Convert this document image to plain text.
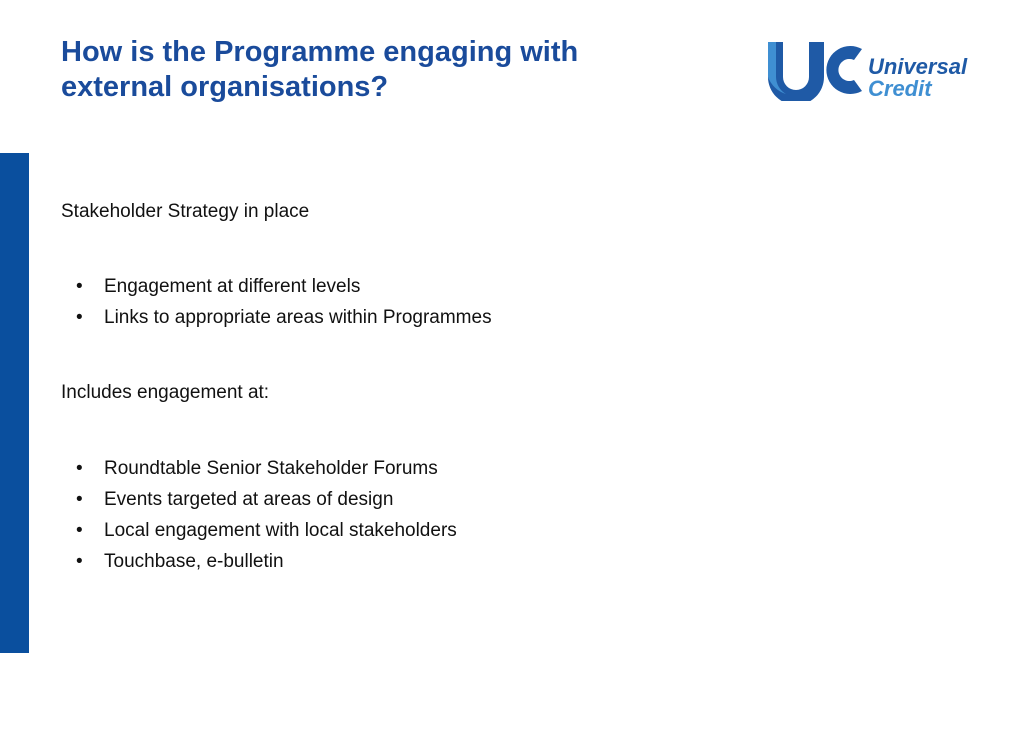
How is the Programme engaging with
external organisations?
Universal
Credit

Stakeholder Strategy in place

• Engagement at different levels
• Links to appropriate areas within Programmes

Includes engagement at:

• Roundtable Senior Stakeholder Forums
• Events targeted at areas of design
• Local engagement with local stakeholders
• Touchbase, e-bulletin
